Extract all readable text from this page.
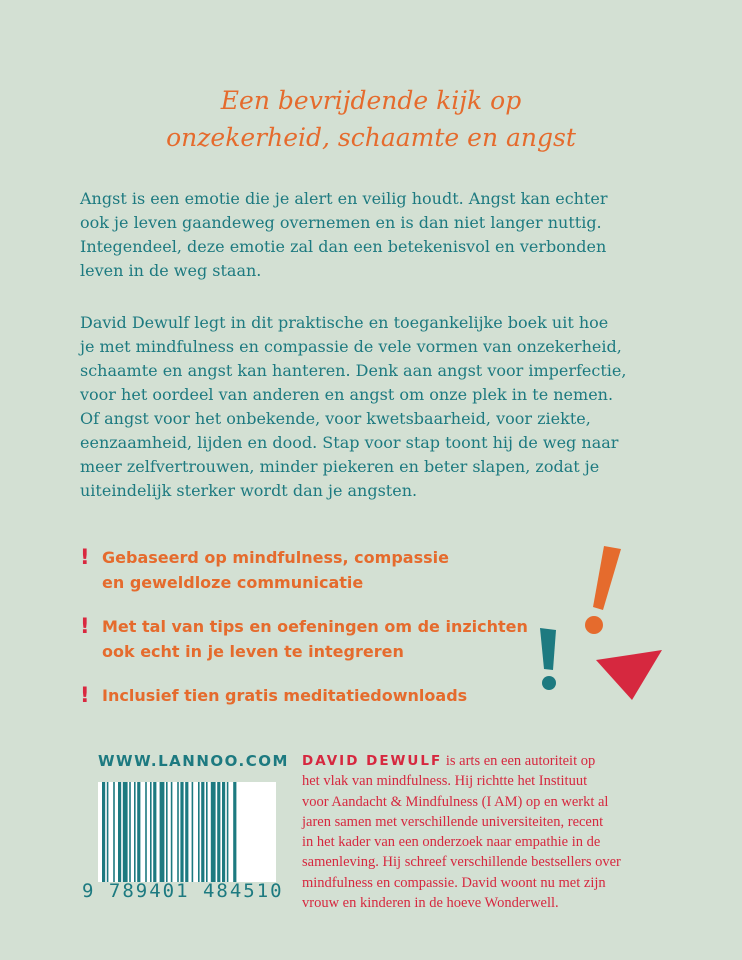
Een bevrijdende kijk op
onzekerheid, schaamte en angst
Angst is een emotie die je alert en veilig houdt. Angst kan echter
ook je leven gaandeweg overnemen en is dan niet langer nuttig.
Integendeel, deze emotie zal dan een betekenisvol en verbonden
leven in de weg staan.
David Dewulf legt in dit praktische en toegankelijke boek uit hoe
je met mindfulness en compassie de vele vormen van onzekerheid,
schaamte en angst kan hanteren. Denk aan angst voor imperfectie,
voor het oordeel van anderen en angst om onze plek in te nemen.
Of angst voor het onbekende, voor kwetsbaarheid, voor ziekte,
eenzaamheid, lijden en dood. Stap voor stap toont hij de weg naar
meer zelfvertrouwen, minder piekeren en beter slapen, zodat je
uiteindelijk sterker wordt dan je angsten.
! Gebaseerd op mindfulness, compassie
en geweldloze communicatie
! Met tal van tips en oefeningen om de inzichten
ook echt in je leven te integreren
! Inclusief tien gratis meditatiedownloads
WWW.LANNOO.COM
9 789401 484510
DAVID DEWULF is arts en een autoriteit op
het vlak van mindfulness. Hij richtte het Instituut
voor Aandacht & Mindfulness (I AM) op en werkt al
jaren samen met verschillende universiteiten, recent
in het kader van een onderzoek naar empathie in de
samenleving. Hij schreef verschillende bestsellers over
mindfulness en compassie. David woont nu met zijn
vrouw en kinderen in de hoeve Wonderwell.
